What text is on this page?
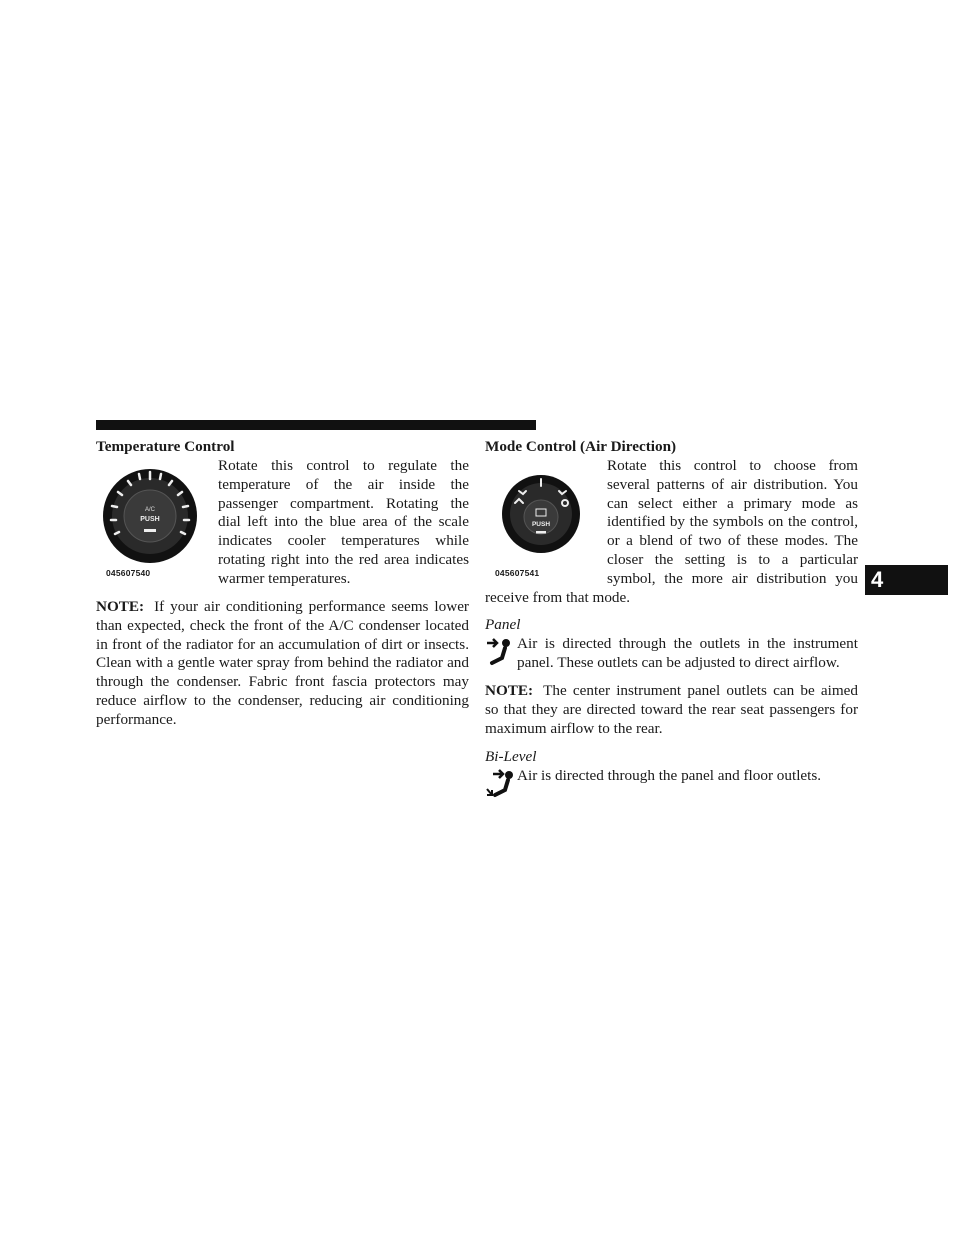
Temperature Control
A/C
PUSH
045607540

Rotate this control to regulate the temperature of the air inside the passenger compartment. Rotating the dial left into the blue area of the scale indicates cooler temperatures while rotating right into the red area indicates warmer temperatures.

NOTE: If your air conditioning performance seems lower than expected, check the front of the A/C condenser located in front of the radiator for an accumulation of dirt or insects. Clean with a gentle water spray from behind the radiator and through the condenser. Fabric front fascia protectors may reduce airflow to the condenser, reducing air conditioning performance.

Mode Control (Air Direction)
PUSH
045607541

Rotate this control to choose from several patterns of air distribution. You can select either a primary mode as identified by the symbols on the control, or a blend of two of these modes. The closer the setting is to a particular symbol, the more air distribution you receive from that mode.

Panel

Air is directed through the outlets in the instrument panel. These outlets can be adjusted to direct airflow.

NOTE: The center instrument panel outlets can be aimed so that they are directed toward the rear seat passengers for maximum airflow to the rear.

Bi-Level

Air is directed through the panel and floor outlets.

4
